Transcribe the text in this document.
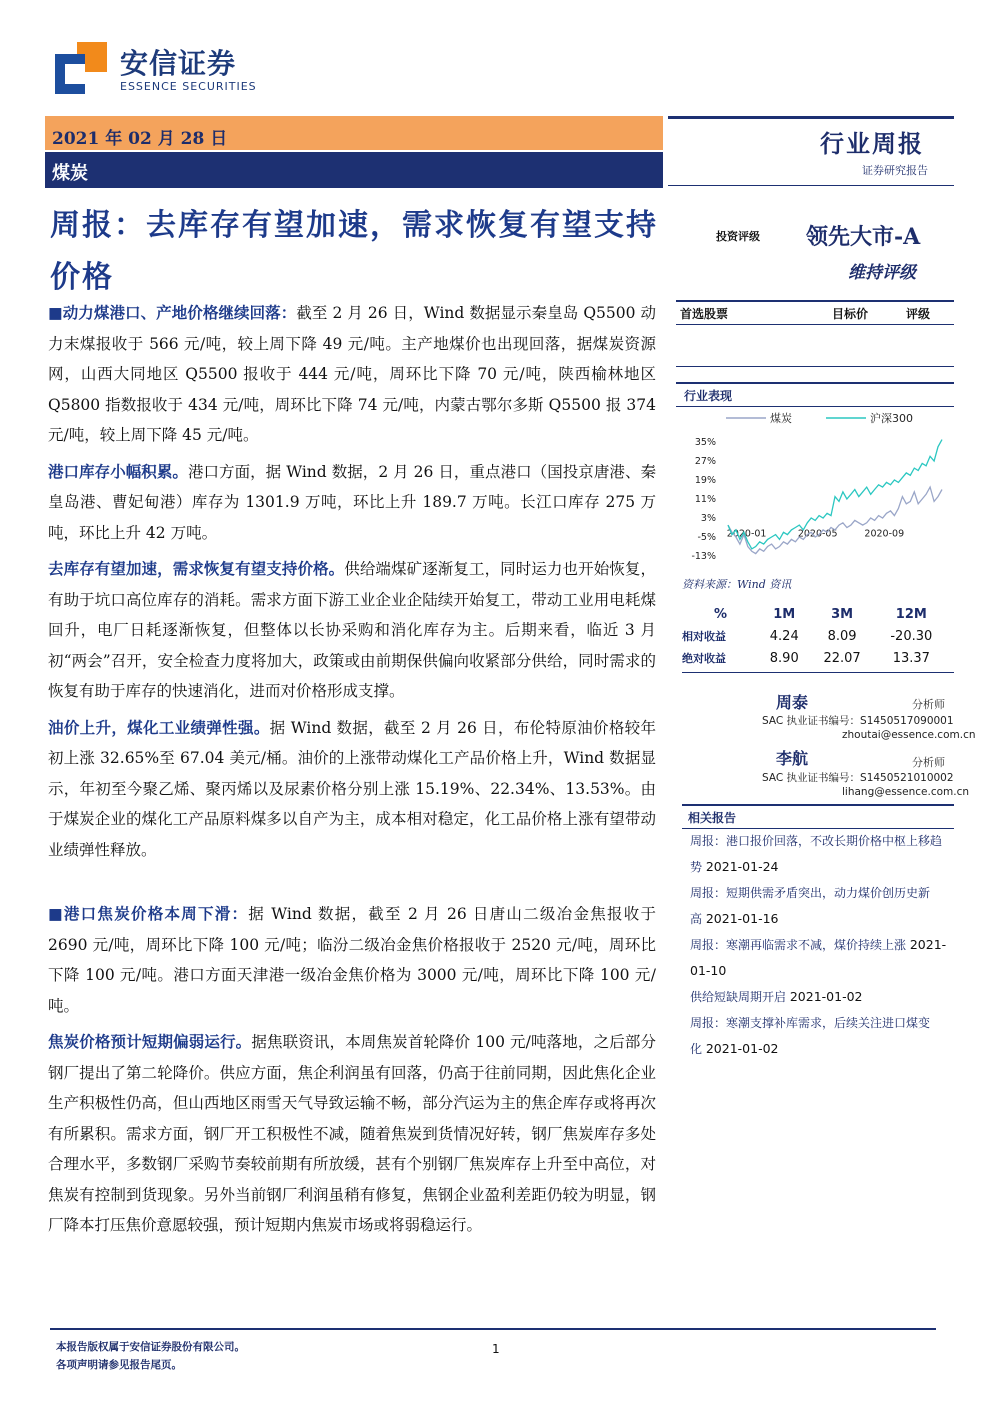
安信证券
ESSENCE SECURITIES
2021 年 02 月 28 日
煤炭
行业周报
证券研究报告
投资评级 领先大市-A
维持评级
周报：去库存有望加速，需求恢复有望支持价格

■动力煤港口、产地价格继续回落：截至 2 月 26 日，Wind 数据显示秦皇岛 Q5500 动力末煤报收于 566 元/吨，较上周下降 49 元/吨。主产地煤价也出现回落，据煤炭资源网，山西大同地区 Q5500 报收于 444 元/吨，周环比下降 70 元/吨，陕西榆林地区 Q5800 指数报收于 434 元/吨，周环比下降 74 元/吨，内蒙古鄂尔多斯 Q5500 报 374 元/吨，较上周下降 45 元/吨。

港口库存小幅积累。港口方面，据 Wind 数据，2 月 26 日，重点港口（国投京唐港、秦皇岛港、曹妃甸港）库存为 1301.9 万吨，环比上升 189.7 万吨。长江口库存 275 万吨，环比上升 42 万吨。

去库存有望加速，需求恢复有望支持价格。供给端煤矿逐渐复工，同时运力也开始恢复，有助于坑口高位库存的消耗。需求方面下游工业企业企陆续开始复工，带动工业用电耗煤回升，电厂日耗逐渐恢复，但整体以长协采购和消化库存为主。后期来看，临近 3 月初“两会”召开，安全检查力度将加大，政策或由前期保供偏向收紧部分供给，同时需求的恢复有助于库存的快速消化，进而对价格形成支撑。

油价上升，煤化工业绩弹性强。据 Wind 数据，截至 2 月 26 日，布伦特原油价格较年初上涨 32.65%至 67.04 美元/桶。油价的上涨带动煤化工产品价格上升，Wind 数据显示，年初至今聚乙烯、聚丙烯以及尿素价格分别上涨 15.19%、22.34%、13.53%。由于煤炭企业的煤化工产品原料煤多以自产为主，成本相对稳定，化工品价格上涨有望带动业绩弹性释放。

■港口焦炭价格本周下滑：据 Wind 数据，截至 2 月 26 日唐山二级冶金焦报收于 2690 元/吨，周环比下降 100 元/吨；临汾二级冶金焦价格报收于 2520 元/吨，周环比下降 100 元/吨。港口方面天津港一级冶金焦价格为 3000 元/吨，周环比下降 100 元/吨。

焦炭价格预计短期偏弱运行。据焦联资讯，本周焦炭首轮降价 100 元/吨落地，之后部分钢厂提出了第二轮降价。供应方面，焦企利润虽有回落，仍高于往前同期，因此焦化企业生产积极性仍高，但山西地区雨雪天气导致运输不畅，部分汽运为主的焦企库存或将再次有所累积。需求方面，钢厂开工积极性不减，随着焦炭到货情况好转，钢厂焦炭库存多处合理水平，多数钢厂采购节奏较前期有所放缓，甚有个别钢厂焦炭库存上升至中高位，对焦炭有控制到货现象。另外当前钢厂利润虽稍有修复，焦钢企业盈利差距仍较为明显，钢厂降本打压焦价意愿较强，预计短期内焦炭市场或将弱稳运行。

首选股票	目标价	评级
行业表现
煤炭	沪深300
35%
27%
19%
11%
3%
-5%
-13%
2020-01	2020-05	2020-09
资料来源：Wind 资讯
%	1M	3M	12M
相对收益	4.24	8.09	-20.30
绝对收益	8.90	22.07	13.37
周泰	分析师
SAC 执业证书编号：S1450517090001
zhoutai@essence.com.cn
李航	分析师
SAC 执业证书编号：S1450521010002
lihang@essence.com.cn
相关报告
周报：港口报价回落，不改长期价格中枢上移趋势 2021-01-24
周报：短期供需矛盾突出，动力煤价创历史新高 2021-01-16
周报：寒潮再临需求不减，煤价持续上涨 2021-01-10
供给短缺周期开启 2021-01-02
周报：寒潮支撑补库需求，后续关注进口煤变化 2021-01-02
本报告版权属于安信证券股份有限公司。
各项声明请参见报告尾页。
1
